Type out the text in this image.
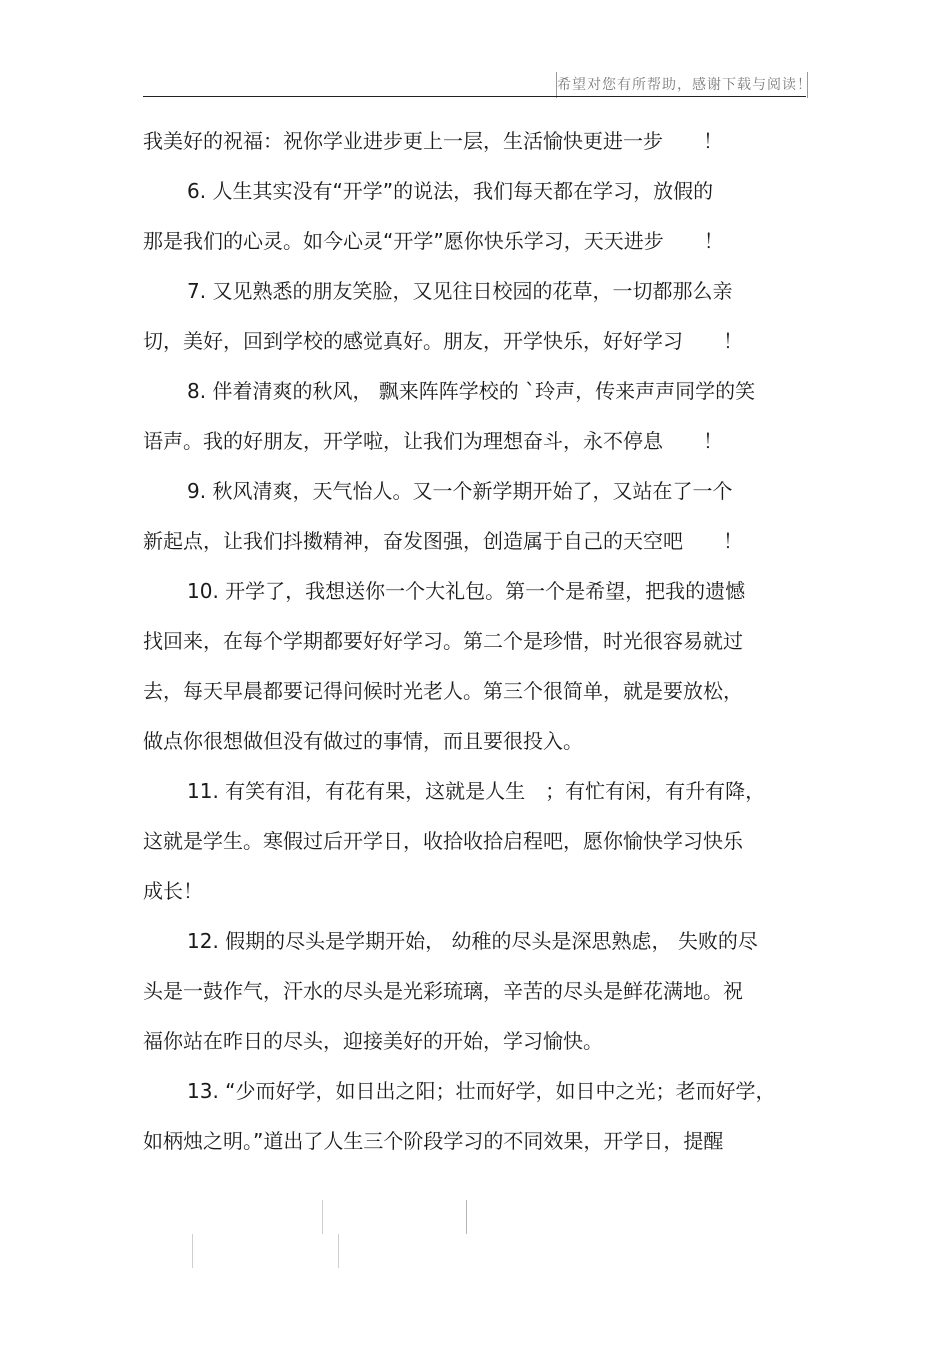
希望对您有所帮助，感谢下载与阅读！
我美好的祝福：祝你学业进步更上一层，生活愉快更进一步　　！
6. 人生其实没有“开学”的说法，我们每天都在学习，放假的
那是我们的心灵。如今心灵“开学”愿你快乐学习，天天进步　　！
7. 又见熟悉的朋友笑脸，又见往日校园的花草，一切都那么亲
切，美好，回到学校的感觉真好。朋友，开学快乐，好好学习　　！
8. 伴着清爽的秋风， 飘来阵阵学校的 `玲声，传来声声同学的笑
语声。我的好朋友，开学啦，让我们为理想奋斗，永不停息　　！
9. 秋风清爽，天气怡人。又一个新学期开始了，又站在了一个
新起点，让我们抖擞精神，奋发图强，创造属于自己的天空吧　　！
10. 开学了，我想送你一个大礼包。第一个是希望，把我的遗憾
找回来，在每个学期都要好好学习。第二个是珍惜，时光很容易就过
去，每天早晨都要记得问候时光老人。第三个很简单，就是要放松，
做点你很想做但没有做过的事情，而且要很投入。
11. 有笑有泪，有花有果，这就是人生　；有忙有闲，有升有降，
这就是学生。寒假过后开学日，收拾收拾启程吧，愿你愉快学习快乐
成长！
12. 假期的尽头是学期开始， 幼稚的尽头是深思熟虑， 失败的尽
头是一鼓作气，汗水的尽头是光彩琉璃，辛苦的尽头是鲜花满地。祝
福你站在昨日的尽头，迎接美好的开始，学习愉快。
13. “少而好学，如日出之阳；壮而好学，如日中之光；老而好学，
如柄烛之明。”道出了人生三个阶段学习的不同效果，开学日，提醒
